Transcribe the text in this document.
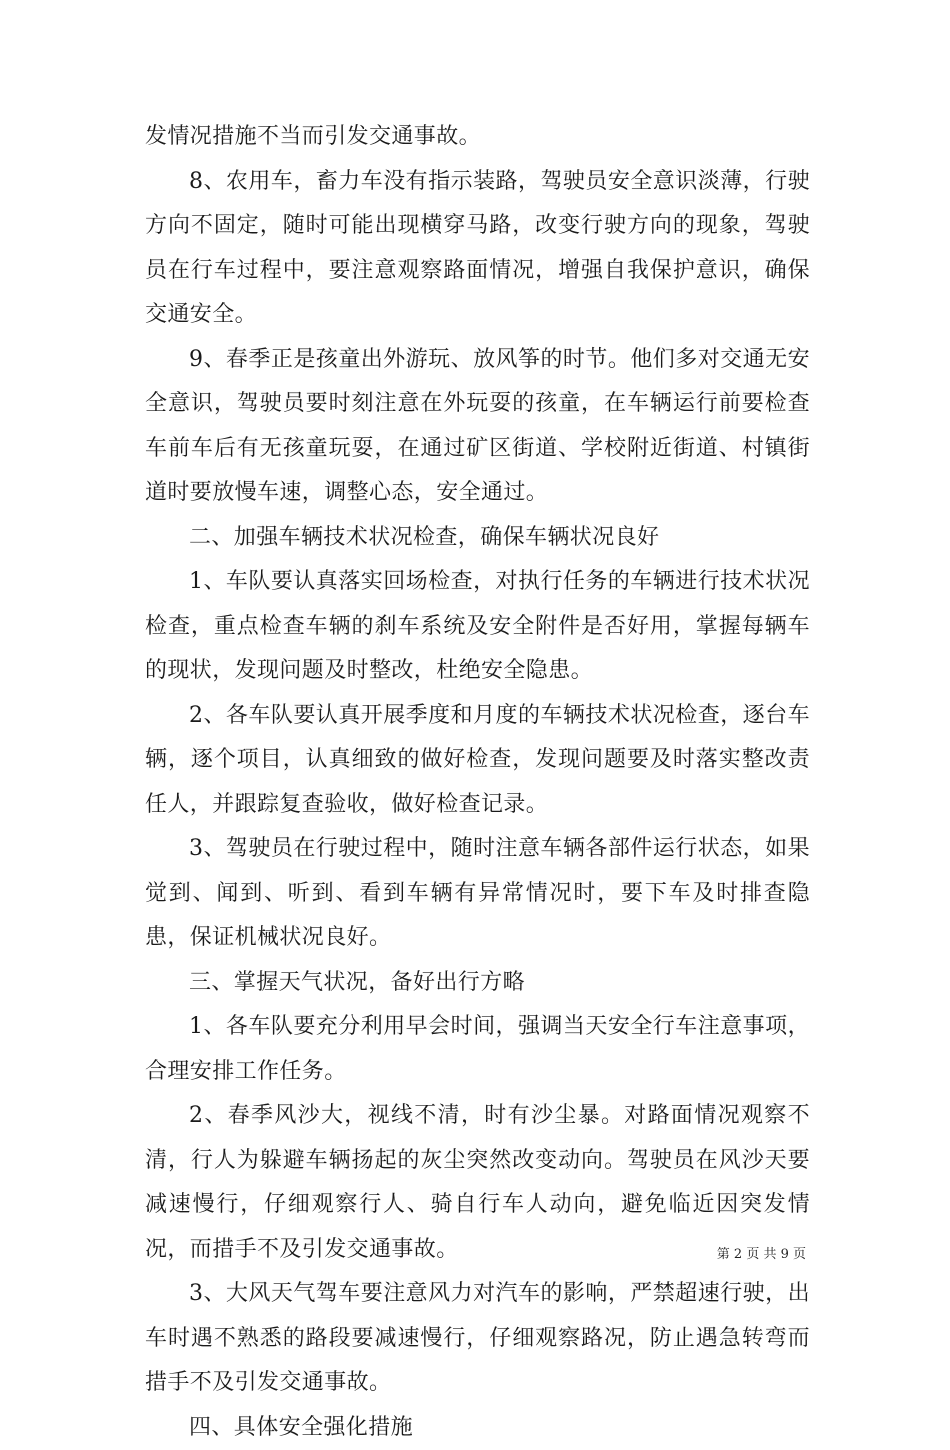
发情况措施不当而引发交通事故。

8、农用车，畜力车没有指示装路，驾驶员安全意识淡薄，行驶方向不固定，随时可能出现横穿马路，改变行驶方向的现象，驾驶员在行车过程中，要注意观察路面情况，增强自我保护意识，确保交通安全。

9、春季正是孩童出外游玩、放风筝的时节。他们多对交通无安全意识，驾驶员要时刻注意在外玩耍的孩童，在车辆运行前要检查车前车后有无孩童玩耍，在通过矿区街道、学校附近街道、村镇街道时要放慢车速，调整心态，安全通过。

二、加强车辆技术状况检查，确保车辆状况良好

1、车队要认真落实回场检查，对执行任务的车辆进行技术状况检查，重点检查车辆的刹车系统及安全附件是否好用，掌握每辆车的现状，发现问题及时整改，杜绝安全隐患。

2、各车队要认真开展季度和月度的车辆技术状况检查，逐台车辆，逐个项目，认真细致的做好检查，发现问题要及时落实整改责任人，并跟踪复查验收，做好检查记录。

3、驾驶员在行驶过程中，随时注意车辆各部件运行状态，如果觉到、闻到、听到、看到车辆有异常情况时，要下车及时排查隐患，保证机械状况良好。

三、掌握天气状况，备好出行方略

1、各车队要充分利用早会时间，强调当天安全行车注意事项，合理安排工作任务。

2、春季风沙大，视线不清，时有沙尘暴。对路面情况观察不清，行人为躲避车辆扬起的灰尘突然改变动向。驾驶员在风沙天要减速慢行，仔细观察行人、骑自行车人动向，避免临近因突发情况，而措手不及引发交通事故。

3、大风天气驾车要注意风力对汽车的影响，严禁超速行驶，出车时遇不熟悉的路段要减速慢行，仔细观察路况，防止遇急转弯而措手不及引发交通事故。

四、具体安全强化措施

第 2 页 共 9 页
